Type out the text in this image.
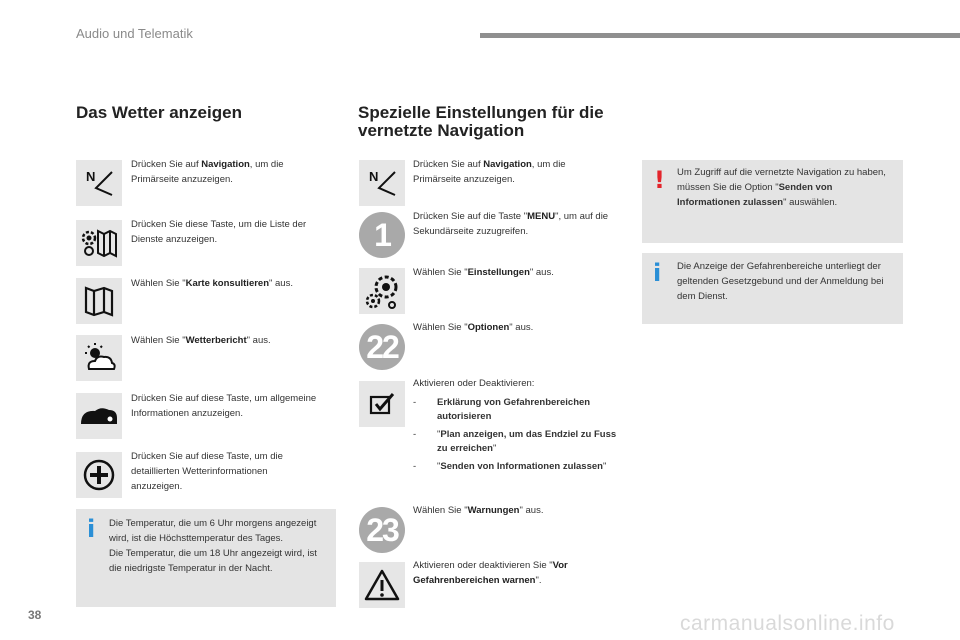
Audio und Telematik
Das Wetter anzeigen
N
Drücken Sie auf Navigation, um die Primärseite anzuzeigen.
Drücken Sie diese Taste, um die Liste der Dienste anzuzeigen.
Wählen Sie "Karte konsultieren" aus.
Wählen Sie "Wetterbericht" aus.
Drücken Sie auf diese Taste, um allgemeine Informationen anzuzeigen.
Drücken Sie auf diese Taste, um die detaillierten Wetterinformationen anzuzeigen.
i Die Temperatur, die um 6 Uhr morgens angezeigt wird, ist die Höchsttemperatur des Tages.
Die Temperatur, die um 18 Uhr angezeigt wird, ist die niedrigste Temperatur in der Nacht.
Spezielle Einstellungen für die
vernetzte Navigation
N
Drücken Sie auf Navigation, um die Primärseite anzuzeigen.
1	Drücken Sie auf die Taste "MENU", um auf die Sekundärseite zuzugreifen.
Wählen Sie "Einstellungen" aus.
22
Wählen Sie "Optionen" aus.
Aktivieren oder Deaktivieren:
- Erklärung von Gefahrenbereichen autorisieren
- "Plan anzeigen, um das Endziel zu Fuss zu erreichen"
- "Senden von Informationen zulassen"
23
Wählen Sie "Warnungen" aus.
Aktivieren oder deaktivieren Sie "Vor Gefahrenbereichen warnen".
! Um Zugriff auf die vernetzte Navigation zu haben, müssen Sie die Option "Senden von Informationen zulassen" auswählen.
i Die Anzeige der Gefahrenbereiche unterliegt der geltenden Gesetzgebund und der Anmeldung bei dem Dienst.
38	carmanualsonline.info
